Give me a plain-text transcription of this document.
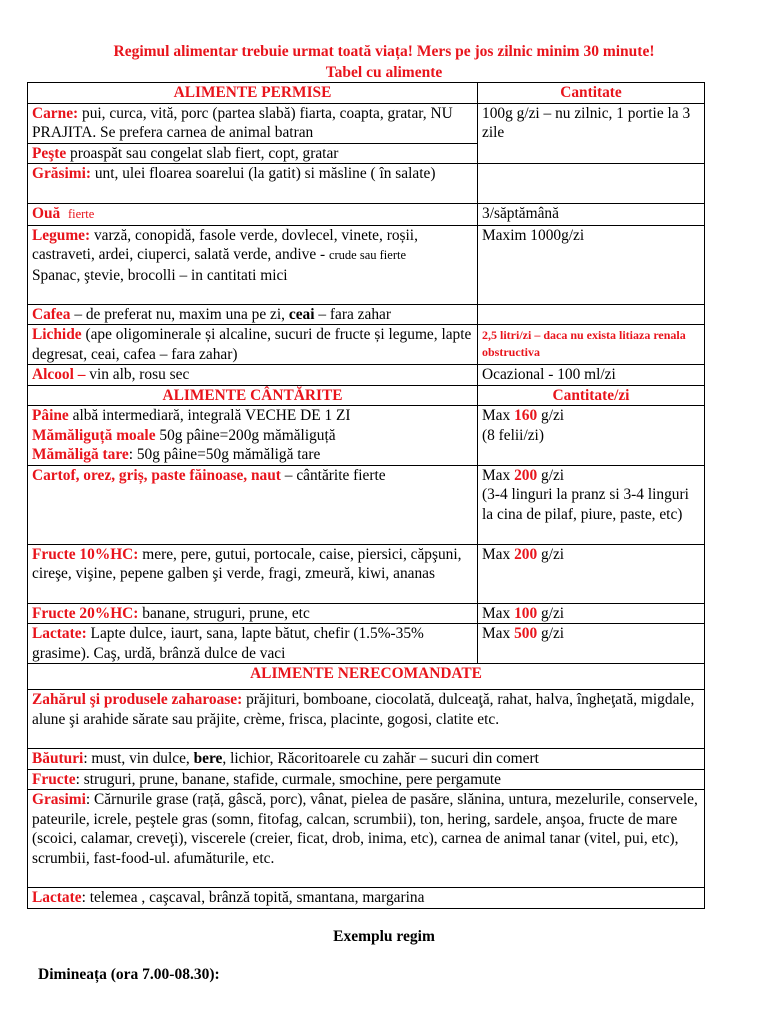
Regimul alimentar trebuie urmat toată viața! Mers pe jos zilnic minim 30 minute!
Tabel cu alimente
ALIMENTE PERMISE	Cantitate
Carne: pui, curca, vită, porc (partea slabă) fiarta, coapta, gratar, NU PRAJITA. Se prefera carnea de animal batran	100g g/zi – nu zilnic, 1 portie la 3 zile
Peşte proaspăt sau congelat slab fiert, copt, gratar	
Grăsimi: unt, ulei floarea soarelui (la gatit) si măsline ( în salate)	
Ouă fierte	3/săptămână
Legume: varză, conopidă, fasole verde, dovlecel, vinete, roșii, castraveti, ardei, ciuperci, salată verde, andive - crude sau fierte
Spanac, ştevie, brocolli – in cantitati mici	Maxim 1000g/zi
Cafea – de preferat nu, maxim una pe zi, ceai – fara zahar	
Lichide (ape oligominerale și alcaline, sucuri de fructe și legume, lapte degresat, ceai, cafea – fara zahar)	2,5 litri/zi – daca nu exista litiaza renala obstructiva

Alcool – vin alb, rosu sec	Ocazional - 100 ml/zi
ALIMENTE CÂNTĂRITE	Cantitate/zi
Pâine albă intermediară, integrală VECHE DE 1 ZI
Mămăliguță moale 50g pâine=200g mămăliguță
Mămăligă tare: 50g pâine=50g mămăligă tare	Max 160 g/zi
(8 felii/zi)
Cartof, orez, griș, paste făinoase, naut – cântărite fierte	Max 200 g/zi
(3-4 linguri la pranz si 3-4 linguri la cina de pilaf, piure, paste, etc)
Fructe 10%HC: mere, pere, gutui, portocale, caise, piersici, căpşuni, cireşe, vişine, pepene galben şi verde, fragi, zmeură, kiwi, ananas	Max 200 g/zi
Fructe 20%HC: banane, struguri, prune, etc	Max 100 g/zi
Lactate: Lapte dulce, iaurt, sana, lapte bătut, chefir (1.5%-35% grasime). Caş, urdă, brânză dulce de vaci	Max 500 g/zi
ALIMENTE NERECOMANDATE	
Zahărul şi produsele zaharoase: prăjituri, bomboane, ciocolată, dulceaţă, rahat, halva, îngheţată, migdale, alune şi arahide sărate sau prăjite, crème, frisca, placinte, gogosi, clatite etc.	
Băuturi: must, vin dulce, bere, lichior, Răcoritoarele cu zahăr – sucuri din comert	
Fructe: struguri, prune, banane, stafide, curmale, smochine, pere pergamute	
Grasimi: Cărnurile grase (rață, gâscă, porc), vânat, pielea de pasăre, slănina, untura, mezelurile, conservele, pateurile, icrele, peştele gras (somn, fitofag, calcan, scrumbii), ton, hering, sardele, anşoa, fructe de mare (scoici, calamar, creveţi), viscerele (creier, ficat, drob, inima, etc), carnea de animal tanar (vitel, pui, etc), scrumbii, fast-food-ul. afumăturile, etc.	
Lactate: telemea , caşcaval, brânză topită, smantana, margarina	
Exemplu regim
Dimineața (ora 7.00-08.30):
